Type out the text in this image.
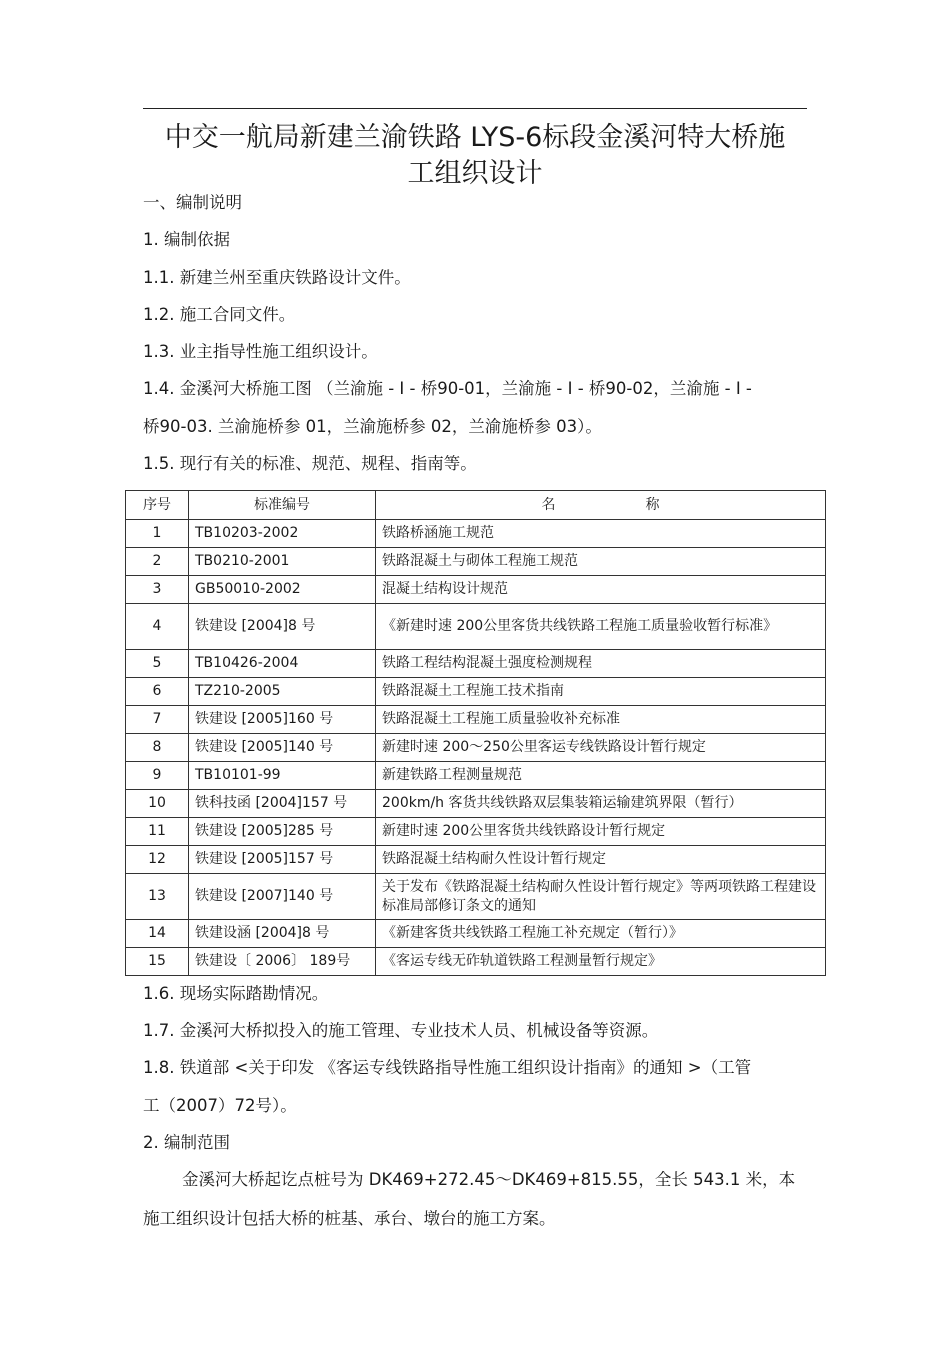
中交一航局新建兰渝铁路 LYS-6标段金溪河特大桥施
工组织设计
一、编制说明
1. 编制依据
1.1. 新建兰州至重庆铁路设计文件。
1.2. 施工合同文件。
1.3. 业主指导性施工组织设计。
1.4. 金溪河大桥施工图 （兰渝施 - Ⅰ - 桥90-01，兰渝施 - Ⅰ - 桥90-02，兰渝施 - Ⅰ -
桥90-03. 兰渝施桥参 01，兰渝施桥参 02，兰渝施桥参 03）。
1.5. 现行有关的标准、规范、规程、指南等。
序号	标准编号	名 称

1	TB10203-2002	铁路桥涵施工规范
2	TB0210-2001	铁路混凝土与砌体工程施工规范
3	GB50010-2002	混凝土结构设计规范
4	铁建设 [2004]8 号	《新建时速 200公里客货共线铁路工程施工质量验收暂行标准》
5	TB10426-2004	铁路工程结构混凝土强度检测规程
6	TZ210-2005	铁路混凝土工程施工技术指南
7	铁建设 [2005]160 号	铁路混凝土工程施工质量验收补充标准
8	铁建设 [2005]140 号	新建时速 200～250公里客运专线铁路设计暂行规定
9	TB10101-99	新建铁路工程测量规范
10	铁科技函 [2004]157 号	200km/h 客货共线铁路双层集装箱运输建筑界限（暂行）
11	铁建设 [2005]285 号	新建时速 200公里客货共线铁路设计暂行规定
12	铁建设 [2005]157 号	铁路混凝土结构耐久性设计暂行规定
13	铁建设 [2007]140 号	关于发布《铁路混凝土结构耐久性设计暂行规定》等两项铁路工程建设标准局部修订条文的通知
14	铁建设涵 [2004]8 号	《新建客货共线铁路工程施工补充规定（暂行）》
15	铁建设〔 2006〕 189号	《客运专线无砟轨道铁路工程测量暂行规定》
1.6. 现场实际踏勘情况。
1.7. 金溪河大桥拟投入的施工管理、专业技术人员、机械设备等资源。
1.8. 铁道部 <关于印发 《客运专线铁路指导性施工组织设计指南》的通知 >（工管
工（2007）72号）。
2. 编制范围
金溪河大桥起讫点桩号为 DK469+272.45～DK469+815.55，全长 543.1 米，本
施工组织设计包括大桥的桩基、承台、墩台的施工方案。
